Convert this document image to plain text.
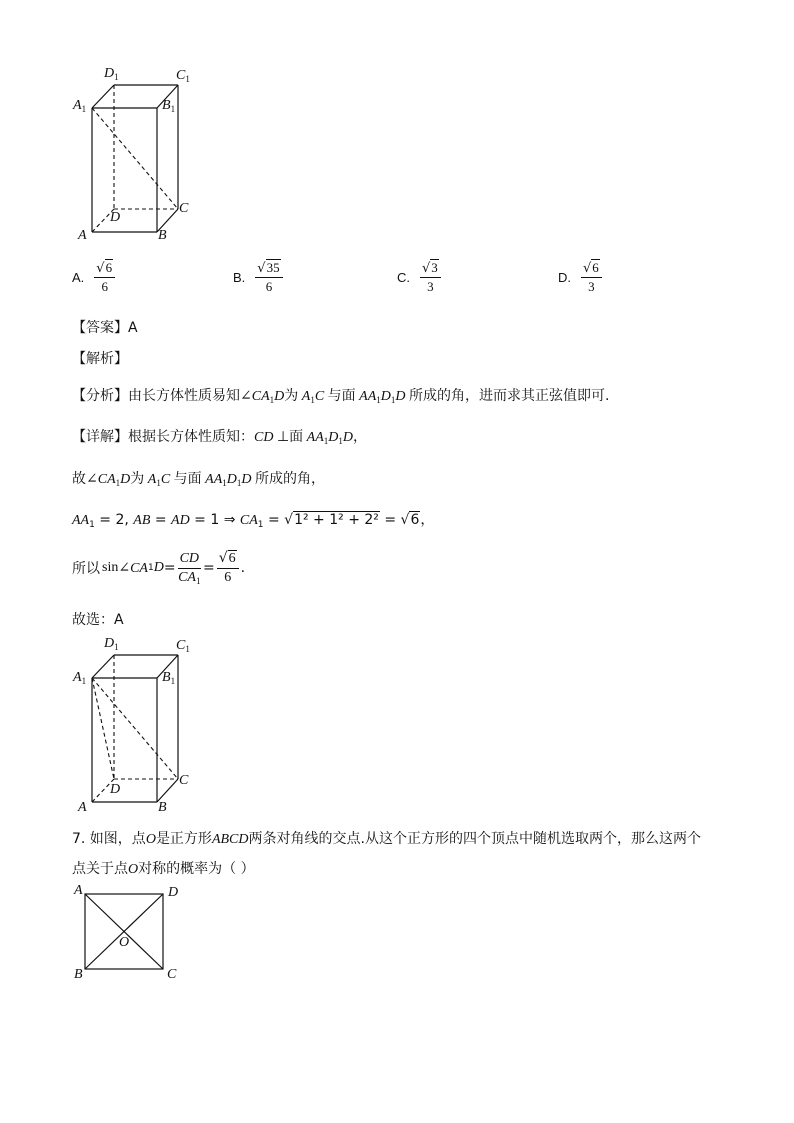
$D_1$	$C_1$
$A_1$	$B_1$
D
C
A	B
A. $\frac{√6}{6}$	B. $\frac{√35}{6}$	C. $\frac{√3}{3}$	D. $\frac{√6}{3}$
【答案】A
【解析】
【分析】由长方体性质易知$\angle CA_1D$为 $A_1C$ 与面 $AA_1D_1D$ 所成的角，进而求其正弦值即可.
【详解】根据长方体性质知：CD ⊥面 $AA_1D_1D$，
故$\angle CA_1D$为 $A_1C$ 与面 $AA_1D_1D$ 所成的角，
$AA_1 = 2$, AB = AD = 1 ⇒ $CA_1 = √1^2 + 1^2 + 2^2 = √6$，
所以 sin ∠CA 1 $D = \frac{CD}{CA_1} = \frac{√6}{6}$ .
故选：A
$D_1$	$C_1$
$A_1$	$B_1$
D
C
A	B
7. 如图，点O是正方形ABCD两条对角线的交点.从这个正方形的四个顶点中随机选取两个，那么这两个
点关于点O对称的概率为（ ）
A	D
O
B	C
